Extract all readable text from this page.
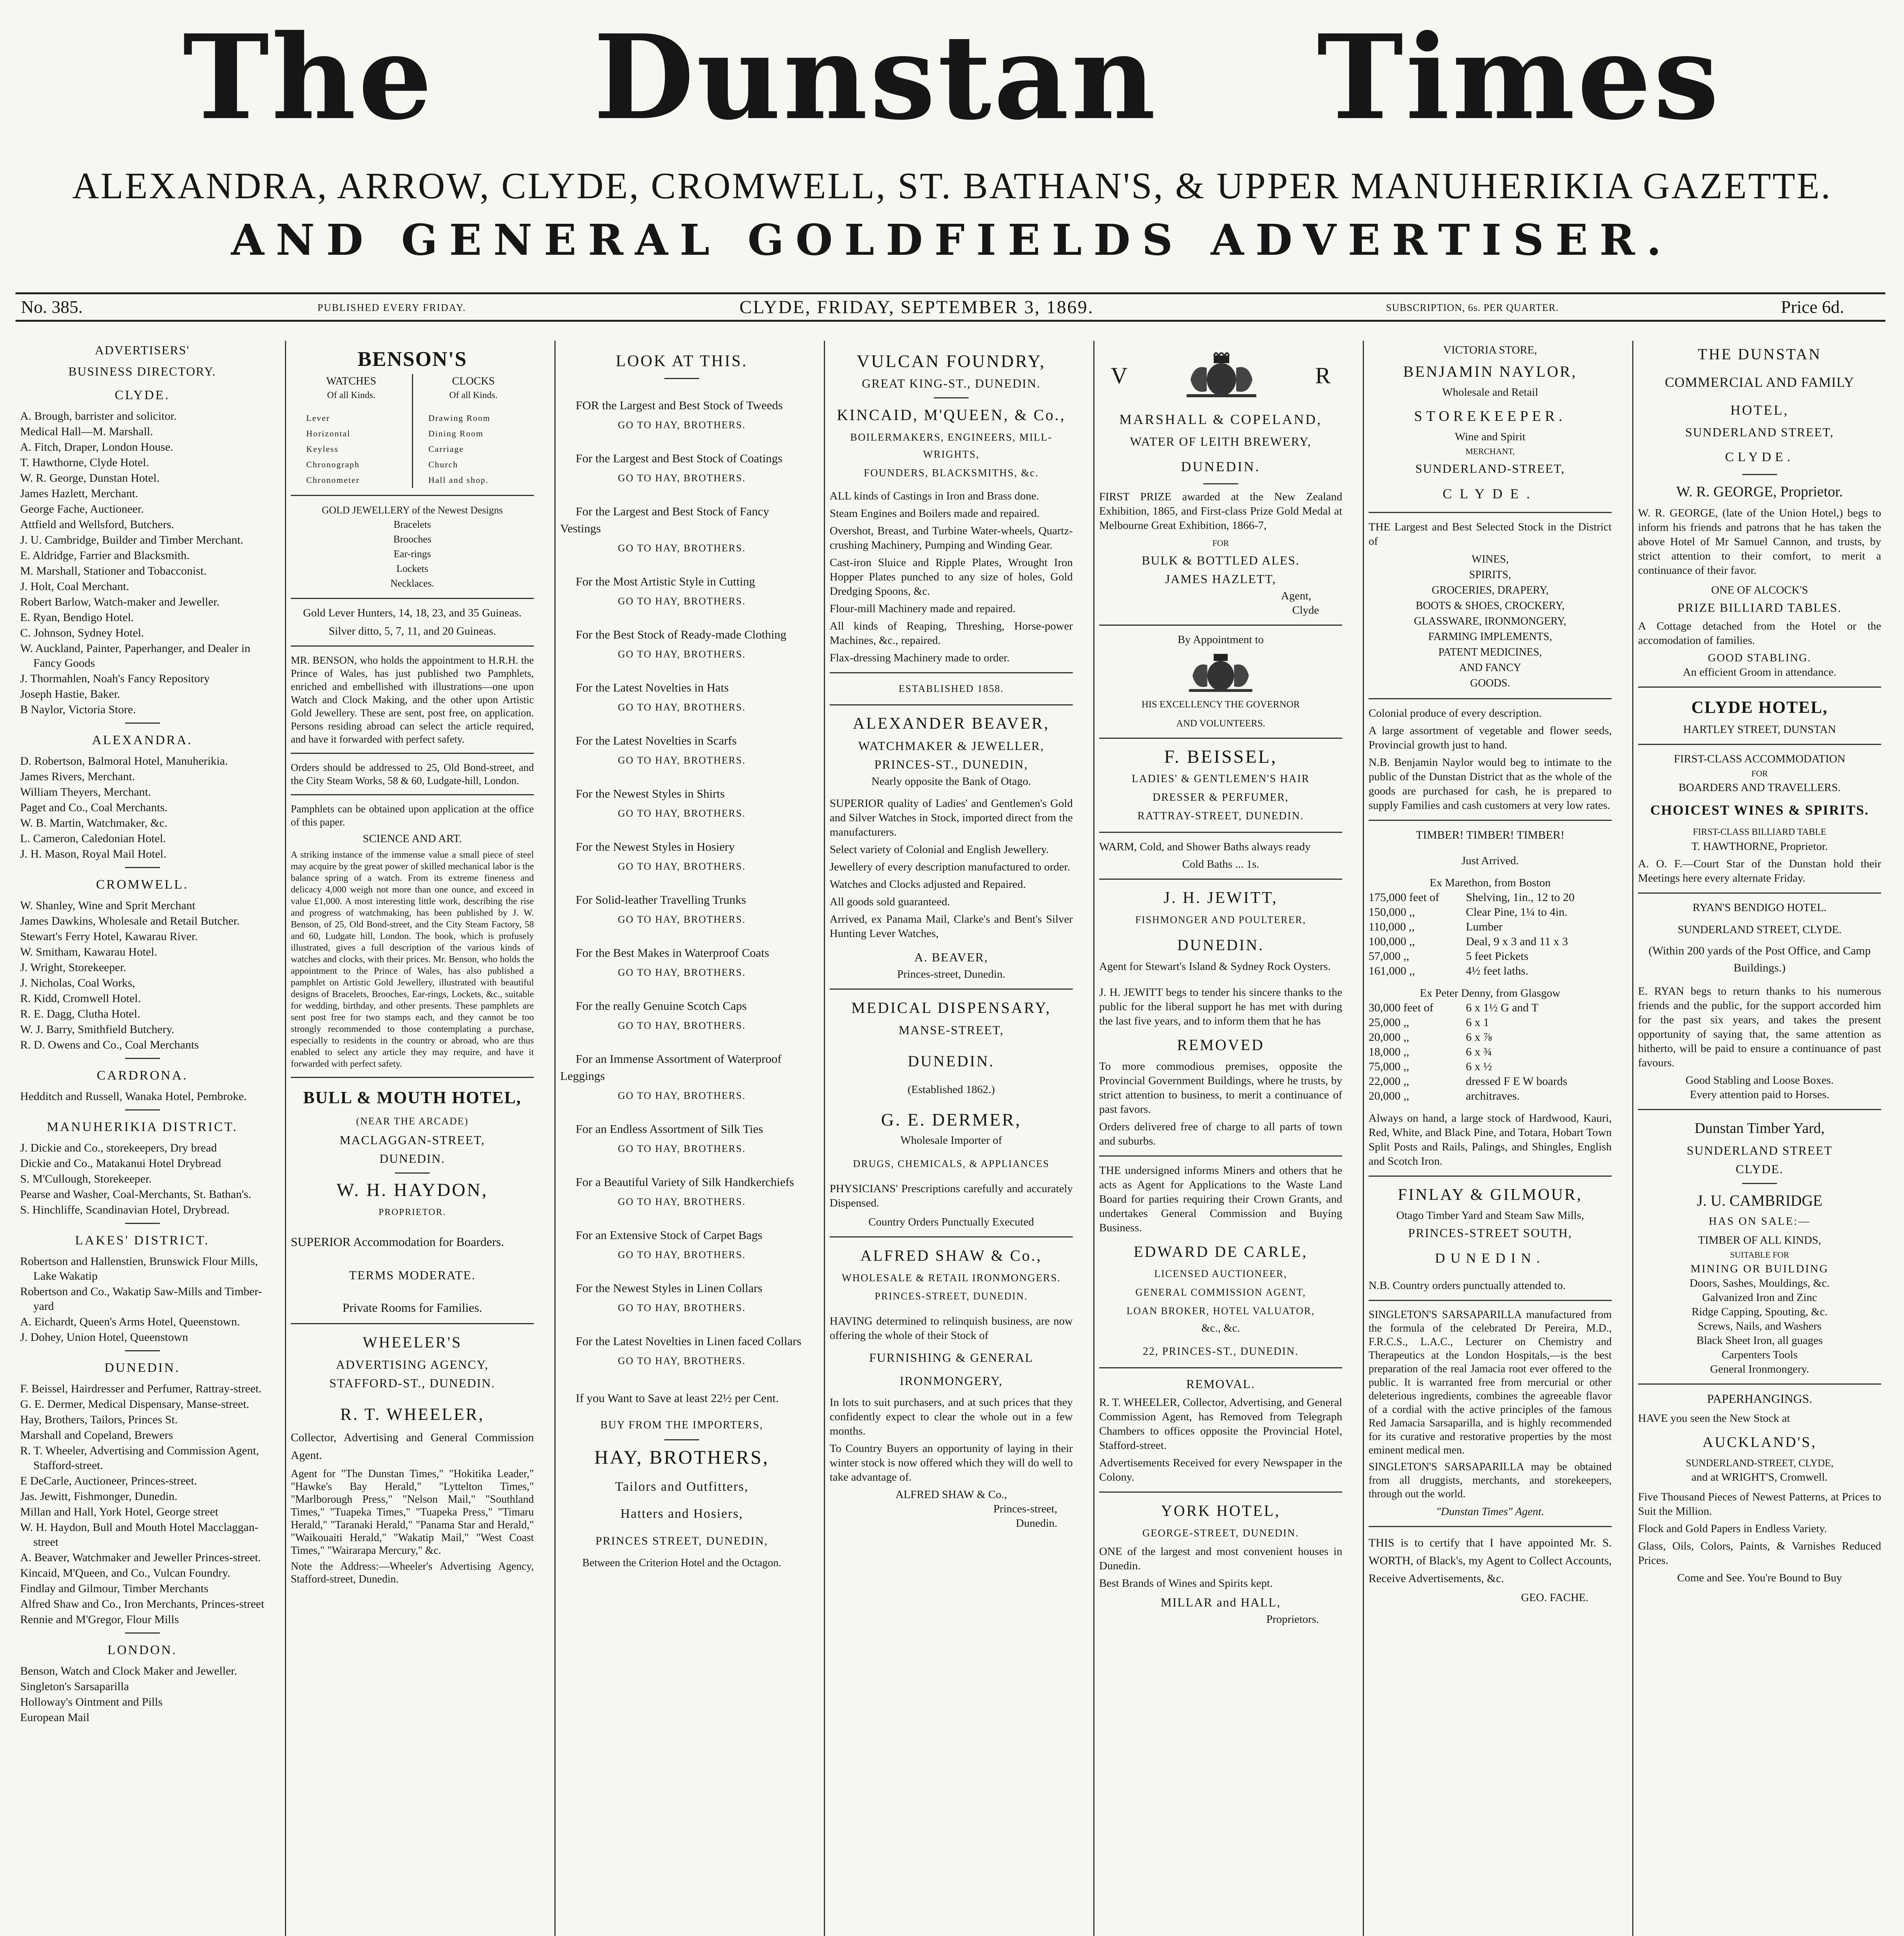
The Dunstan Times
ALEXANDRA, ARROW, CLYDE, CROMWELL, ST. BATHAN'S, & UPPER MANUHERIKIA GAZETTE.
AND GENERAL GOLDFIELDS ADVERTISER.
No. 385.	PUBLISHED EVERY FRIDAY.	CLYDE, FRIDAY, SEPTEMBER 3, 1869.	SUBSCRIPTION, 6s. PER QUARTER.	Price 6d.
ADVERTISERS'
BUSINESS DIRECTORY.
CLYDE.
A. Brough, barrister and solicitor.
Medical Hall—M. Marshall.
A. Fitch, Draper, London House.
T. Hawthorne, Clyde Hotel.
W. R. George, Dunstan Hotel.
James Hazlett, Merchant.
George Fache, Auctioneer.
Attfield and Wellsford, Butchers.
J. U. Cambridge, Builder and Timber Merchant.
E. Aldridge, Farrier and Blacksmith.
M. Marshall, Stationer and Tobacconist.
J. Holt, Coal Merchant.
Robert Barlow, Watch-maker and Jeweller.
E. Ryan, Bendigo Hotel.
C. Johnson, Sydney Hotel.
W. Auckland, Painter, Paperhanger, and Dealer in Fancy Goods
J. Thormahlen, Noah's Fancy Repository
Joseph Hastie, Baker.
B Naylor, Victoria Store.
ALEXANDRA.
D. Robertson, Balmoral Hotel, Manuherikia.
James Rivers, Merchant.
William Theyers, Merchant.
Paget and Co., Coal Merchants.
W. B. Martin, Watchmaker, &c.
L. Cameron, Caledonian Hotel.
J. H. Mason, Royal Mail Hotel.
CROMWELL.
W. Shanley, Wine and Sprit Merchant
James Dawkins, Wholesale and Retail Butcher.
Stewart's Ferry Hotel, Kawarau River.
W. Smitham, Kawarau Hotel.
J. Wright, Storekeeper.
J. Nicholas, Coal Works,
R. Kidd, Cromwell Hotel.
R. E. Dagg, Clutha Hotel.
W. J. Barry, Smithfield Butchery.
R. D. Owens and Co., Coal Merchants
CARDRONA.
Hedditch and Russell, Wanaka Hotel, Pembroke.
MANUHERIKIA DISTRICT.
J. Dickie and Co., storekeepers, Dry bread
Dickie and Co., Matakanui Hotel Drybread
S. M'Cullough, Storekeeper.
Pearse and Washer, Coal-Merchants, St. Bathan's.
S. Hinchliffe, Scandinavian Hotel, Drybread.
LAKES' DISTRICT.
Robertson and Hallenstien, Brunswick Flour Mills, Lake Wakatip
Robertson and Co., Wakatip Saw-Mills and Timber-yard
A. Eichardt, Queen's Arms Hotel, Queenstown.
J. Dohey, Union Hotel, Queenstown
DUNEDIN.
F. Beissel, Hairdresser and Perfumer, Rattray-street.
G. E. Dermer, Medical Dispensary, Manse-street.
Hay, Brothers, Tailors, Princes St.
Marshall and Copeland, Brewers
R. T. Wheeler, Advertising and Commission Agent, Stafford-street.
E DeCarle, Auctioneer, Princes-street.
Jas. Jewitt, Fishmonger, Dunedin.
Millan and Hall, York Hotel, George street
W. H. Haydon, Bull and Mouth Hotel Macclaggan-street
A. Beaver, Watchmaker and Jeweller Princes-street.
Kincaid, M'Queen, and Co., Vulcan Foundry.
Findlay and Gilmour, Timber Merchants
Alfred Shaw and Co., Iron Merchants, Princes-street
Rennie and M'Gregor, Flour Mills
LONDON.
Benson, Watch and Clock Maker and Jeweller.
Singleton's Sarsaparilla
Holloway's Ointment and Pills
European Mail
BENSON'S
WATCHES
Of all Kinds.
Lever
Horizontal
Keyless
Chronograph
Chronometer
CLOCKS
Of all Kinds.
Drawing Room
Dining Room
Carriage
Church
Hall and shop.
GOLD JEWELLERY of the Newest Designs
Bracelets
Brooches
Ear-rings
Lockets
Necklaces.
Gold Lever Hunters, 14, 18, 23, and 35 Guineas.
Silver ditto, 5, 7, 11, and 20 Guineas.
MR. BENSON, who holds the appointment to H.R.H. the Prince of Wales, has just published two Pamphlets, enriched and embellished with illustrations—one upon Watch and Clock Making, and the other upon Artistic Gold Jewellery. These are sent, post free, on application. Persons residing abroad can select the article required, and have it forwarded with perfect safety.
Orders should be addressed to 25, Old Bond-street, and the City Steam Works, 58 & 60, Ludgate-hill, London.
Pamphlets can be obtained upon application at the office of this paper.
SCIENCE AND ART.
A striking instance of the immense value a small piece of steel may acquire by the great power of skilled mechanical labor is the balance spring of a watch. From its extreme fineness and delicacy 4,000 weigh not more than one ounce, and exceed in value £1,000. A most interesting little work, describing the rise and progress of watchmaking, has been published by J. W. Benson, of 25, Old Bond-street, and the City Steam Factory, 58 and 60, Ludgate hill, London. The book, which is profusely illustrated, gives a full description of the various kinds of watches and clocks, with their prices. Mr. Benson, who holds the appointment to the Prince of Wales, has also published a pamphlet on Artistic Gold Jewellery, illustrated with beautiful designs of Bracelets, Brooches, Ear-rings, Lockets, &c., suitable for wedding, birthday, and other presents. These pamphlets are sent post free for two stamps each, and they cannot be too strongly recommended to those contemplating a purchase, especially to residents in the country or abroad, who are thus enabled to select any article they may require, and have it forwarded with perfect safety.
BULL & MOUTH HOTEL,
(NEAR THE ARCADE)
MACLAGGAN-STREET,
DUNEDIN.
W. H. HAYDON,
PROPRIETOR.
SUPERIOR Accommodation for Boarders.
TERMS MODERATE.
Private Rooms for Families.
WHEELER'S
ADVERTISING AGENCY,
STAFFORD-ST., DUNEDIN.
R. T. WHEELER,
Collector, Advertising and General Commission Agent.
Agent for "The Dunstan Times," "Hokitika Leader," "Hawke's Bay Herald," "Lyttelton Times," "Marlborough Press," "Nelson Mail," "Southland Times," "Tuapeka Times," "Tuapeka Press," "Timaru Herald," "Taranaki Herald," "Panama Star and Herald," "Waikouaiti Herald," "Wakatip Mail," "West Coast Times," "Wairarapa Mercury," &c.
Note the Address:—Wheeler's Advertising Agency, Stafford-street, Dunedin.
LOOK AT THIS.

FOR the Largest and Best Stock of Tweeds

GO TO HAY, BROTHERS.

For the Largest and Best Stock of Coatings

GO TO HAY, BROTHERS.

For the Largest and Best Stock of Fancy Vestings

GO TO HAY, BROTHERS.

For the Most Artistic Style in Cutting

GO TO HAY, BROTHERS.

For the Best Stock of Ready-made Clothing

GO TO HAY, BROTHERS.

For the Latest Novelties in Hats

GO TO HAY, BROTHERS.

For the Latest Novelties in Scarfs

GO TO HAY, BROTHERS.

For the Newest Styles in Shirts

GO TO HAY, BROTHERS.

For the Newest Styles in Hosiery

GO TO HAY, BROTHERS.

For Solid-leather Travelling Trunks

GO TO HAY, BROTHERS.

For the Best Makes in Waterproof Coats

GO TO HAY, BROTHERS.

For the really Genuine Scotch Caps

GO TO HAY, BROTHERS.

For an Immense Assortment of Waterproof Leggings

GO TO HAY, BROTHERS.

For an Endless Assortment of Silk Ties

GO TO HAY, BROTHERS.

For a Beautiful Variety of Silk Handkerchiefs

GO TO HAY, BROTHERS.

For an Extensive Stock of Carpet Bags

GO TO HAY, BROTHERS.

For the Newest Styles in Linen Collars

GO TO HAY, BROTHERS.

For the Latest Novelties in Linen faced Collars

GO TO HAY, BROTHERS.

If you Want to Save at least 22½ per Cent.
BUY FROM THE IMPORTERS,
HAY, BROTHERS,
Tailors and Outfitters,
Hatters and Hosiers,
PRINCES STREET, DUNEDIN,
Between the Criterion Hotel and the Octagon.
VULCAN FOUNDRY,
GREAT KING-ST., DUNEDIN.
KINCAID, M'QUEEN, & Co.,
BOILERMAKERS, ENGINEERS, MILL-WRIGHTS,
FOUNDERS, BLACKSMITHS, &c.
ALL kinds of Castings in Iron and Brass done.
Steam Engines and Boilers made and repaired.
Overshot, Breast, and Turbine Water-wheels, Quartz-crushing Machinery, Pumping and Winding Gear.
Cast-iron Sluice and Ripple Plates, Wrought Iron Hopper Plates punched to any size of holes, Gold Dredging Spoons, &c.
Flour-mill Machinery made and repaired.
All kinds of Reaping, Threshing, Horse-power Machines, &c., repaired.
Flax-dressing Machinery made to order.
ESTABLISHED 1858.
ALEXANDER BEAVER,
WATCHMAKER & JEWELLER,
PRINCES-ST., DUNEDIN,
Nearly opposite the Bank of Otago.
SUPERIOR quality of Ladies' and Gentlemen's Gold and Silver Watches in Stock, imported direct from the manufacturers.
Select variety of Colonial and English Jewellery.
Jewellery of every description manufactured to order.
Watches and Clocks adjusted and Repaired.
All goods sold guaranteed.
Arrived, ex Panama Mail, Clarke's and Bent's Silver Hunting Lever Watches,
A. BEAVER,
Princes-street, Dunedin.
MEDICAL DISPENSARY,
MANSE-STREET,
DUNEDIN.
(Established 1862.)
G. E. DERMER,
Wholesale Importer of
DRUGS, CHEMICALS, & APPLIANCES
PHYSICIANS' Prescriptions carefully and accurately Dispensed.
Country Orders Punctually Executed
ALFRED SHAW & Co.,
WHOLESALE & RETAIL IRONMONGERS.
PRINCES-STREET, DUNEDIN.
HAVING determined to relinquish business, are now offering the whole of their Stock of
FURNISHING & GENERAL
IRONMONGERY,
In lots to suit purchasers, and at such prices that they confidently expect to clear the whole out in a few months.
To Country Buyers an opportunity of laying in their winter stock is now offered which they will do well to take advantage of.
ALFRED SHAW & Co.,
Princes-street,
Dunedin.
V	R
MARSHALL & COPELAND,
WATER OF LEITH BREWERY,
DUNEDIN.
FIRST PRIZE awarded at the New Zealand Exhibition, 1865, and First-class Prize Gold Medal at Melbourne Great Exhibition, 1866-7,
FOR
BULK & BOTTLED ALES.
JAMES HAZLETT,
Agent,
Clyde
By Appointment to
HIS EXCELLENCY THE GOVERNOR
AND VOLUNTEERS.
F. BEISSEL,
LADIES' & GENTLEMEN'S HAIR
DRESSER & PERFUMER,
RATTRAY-STREET, DUNEDIN.
WARM, Cold, and Shower Baths always ready
Cold Baths ... 1s.
J. H. JEWITT,
FISHMONGER AND POULTERER,
DUNEDIN.
Agent for Stewart's Island & Sydney Rock Oysters.
J. H. JEWITT begs to tender his sincere thanks to the public for the liberal support he has met with during the last five years, and to inform them that he has
REMOVED
To more commodious premises, opposite the Provincial Government Buildings, where he trusts, by strict attention to business, to merit a continuance of past favors.
Orders delivered free of charge to all parts of town and suburbs.
THE undersigned informs Miners and others that he acts as Agent for Applications to the Waste Land Board for parties requiring their Crown Grants, and undertakes General Commission and Buying Business.
EDWARD DE CARLE,
LICENSED AUCTIONEER,
GENERAL COMMISSION AGENT,
LOAN BROKER, HOTEL VALUATOR,
&c., &c.
22, PRINCES-ST., DUNEDIN.
REMOVAL.
R. T. WHEELER, Collector, Advertising, and General Commission Agent, has Removed from Telegraph Chambers to offices opposite the Provincial Hotel, Stafford-street.
Advertisements Received for every Newspaper in the Colony.
YORK HOTEL,
GEORGE-STREET, DUNEDIN.
ONE of the largest and most convenient houses in Dunedin.
Best Brands of Wines and Spirits kept.
MILLAR and HALL,
Proprietors.
VICTORIA STORE,
BENJAMIN NAYLOR,
Wholesale and Retail
STOREKEEPER.
Wine and Spirit
MERCHANT,
SUNDERLAND-STREET,
CLYDE.
THE Largest and Best Selected Stock in the District of
WINES,
SPIRITS,
GROCERIES, DRAPERY,
BOOTS & SHOES, CROCKERY,
GLASSWARE, IRONMONGERY,
FARMING IMPLEMENTS,
PATENT MEDICINES,
AND FANCY
GOODS.
Colonial produce of every description.
A large assortment of vegetable and flower seeds, Provincial growth just to hand.
N.B. Benjamin Naylor would beg to intimate to the public of the Dunstan District that as the whole of the goods are purchased for cash, he is prepared to supply Families and cash customers at very low rates.
TIMBER! TIMBER! TIMBER!
Just Arrived.
Ex Marethon, from Boston
175,000 feet of	Shelving, 1in., 12 to 20
150,000 ,,	Clear Pine, 1¼ to 4in.
110,000 ,,	Lumber
100,000 ,,	Deal, 9 x 3 and 11 x 3
57,000 ,,	5 feet Pickets
161,000 ,,	4½ feet laths.
Ex Peter Denny, from Glasgow
30,000 feet of	6 x 1½ G and T
25,000 ,,	6 x 1
20,000 ,,	6 x ⅞
18,000 ,,	6 x ¾
75,000 ,,	6 x ½
22,000 ,,	dressed F E W boards
20,000 ,,	architraves.
Always on hand, a large stock of Hardwood, Kauri, Red, White, and Black Pine, and Totara, Hobart Town Split Posts and Rails, Palings, and Shingles, English and Scotch Iron.
FINLAY & GILMOUR,
Otago Timber Yard and Steam Saw Mills,
PRINCES-STREET SOUTH,
DUNEDIN.
N.B. Country orders punctually attended to.
SINGLETON'S SARSAPARILLA manufactured from the formula of the celebrated Dr Pereira, M.D., F.R.C.S., L.A.C., Lecturer on Chemistry and Therapeutics at the London Hospitals,—is the best preparation of the real Jamacia root ever offered to the public. It is warranted free from mercurial or other deleterious ingredients, combines the agreeable flavor of a cordial with the active principles of the famous Red Jamacia Sarsaparilla, and is highly recommended for its curative and restorative properties by the most eminent medical men.
SINGLETON'S SARSAPARILLA may be obtained from all druggists, merchants, and storekeepers, through out the world.
"Dunstan Times" Agent.
THIS is to certify that I have appointed Mr. S. WORTH, of Black's, my Agent to Collect Accounts, Receive Advertisements, &c.
GEO. FACHE.
THE DUNSTAN
COMMERCIAL AND FAMILY
HOTEL,
SUNDERLAND STREET,
CLYDE.
W. R. GEORGE, Proprietor.
W. R. GEORGE, (late of the Union Hotel,) begs to inform his friends and patrons that he has taken the above Hotel of Mr Samuel Cannon, and trusts, by strict attention to their comfort, to merit a continuance of their favor.
ONE OF ALCOCK'S
PRIZE BILLIARD TABLES.
A Cottage detached from the Hotel or the accomodation of families.
GOOD STABLING.
An efficient Groom in attendance.
CLYDE HOTEL,
HARTLEY STREET, DUNSTAN
FIRST-CLASS ACCOMMODATION
FOR
BOARDERS AND TRAVELLERS.
CHOICEST WINES & SPIRITS.
FIRST-CLASS BILLIARD TABLE
T. HAWTHORNE, Proprietor.
A. O. F.—Court Star of the Dunstan hold their Meetings here every alternate Friday.
RYAN'S BENDIGO HOTEL.
SUNDERLAND STREET, CLYDE.
(Within 200 yards of the Post Office, and Camp Buildings.)
E. RYAN begs to return thanks to his numerous friends and the public, for the support accorded him for the past six years, and takes the present opportunity of saying that, the same attention as hitherto, will be paid to ensure a continuance of past favours.
Good Stabling and Loose Boxes.
Every attention paid to Horses.
Dunstan Timber Yard,
SUNDERLAND STREET
CLYDE.
J. U. CAMBRIDGE
HAS ON SALE:—
TIMBER OF ALL KINDS,
SUITABLE FOR
MINING OR BUILDING
Doors, Sashes, Mouldings, &c.
Galvanized Iron and Zinc
Ridge Capping, Spouting, &c.
Screws, Nails, and Washers
Black Sheet Iron, all guages
Carpenters Tools
General Ironmongery.
PAPERHANGINGS.
HAVE you seen the New Stock at
AUCKLAND'S,
SUNDERLAND-STREET, CLYDE,
and at WRIGHT'S, Cromwell.
Five Thousand Pieces of Newest Patterns, at Prices to Suit the Million.
Flock and Gold Papers in Endless Variety.
Glass, Oils, Colors, Paints, & Varnishes Reduced Prices.
Come and See. You're Bound to Buy
